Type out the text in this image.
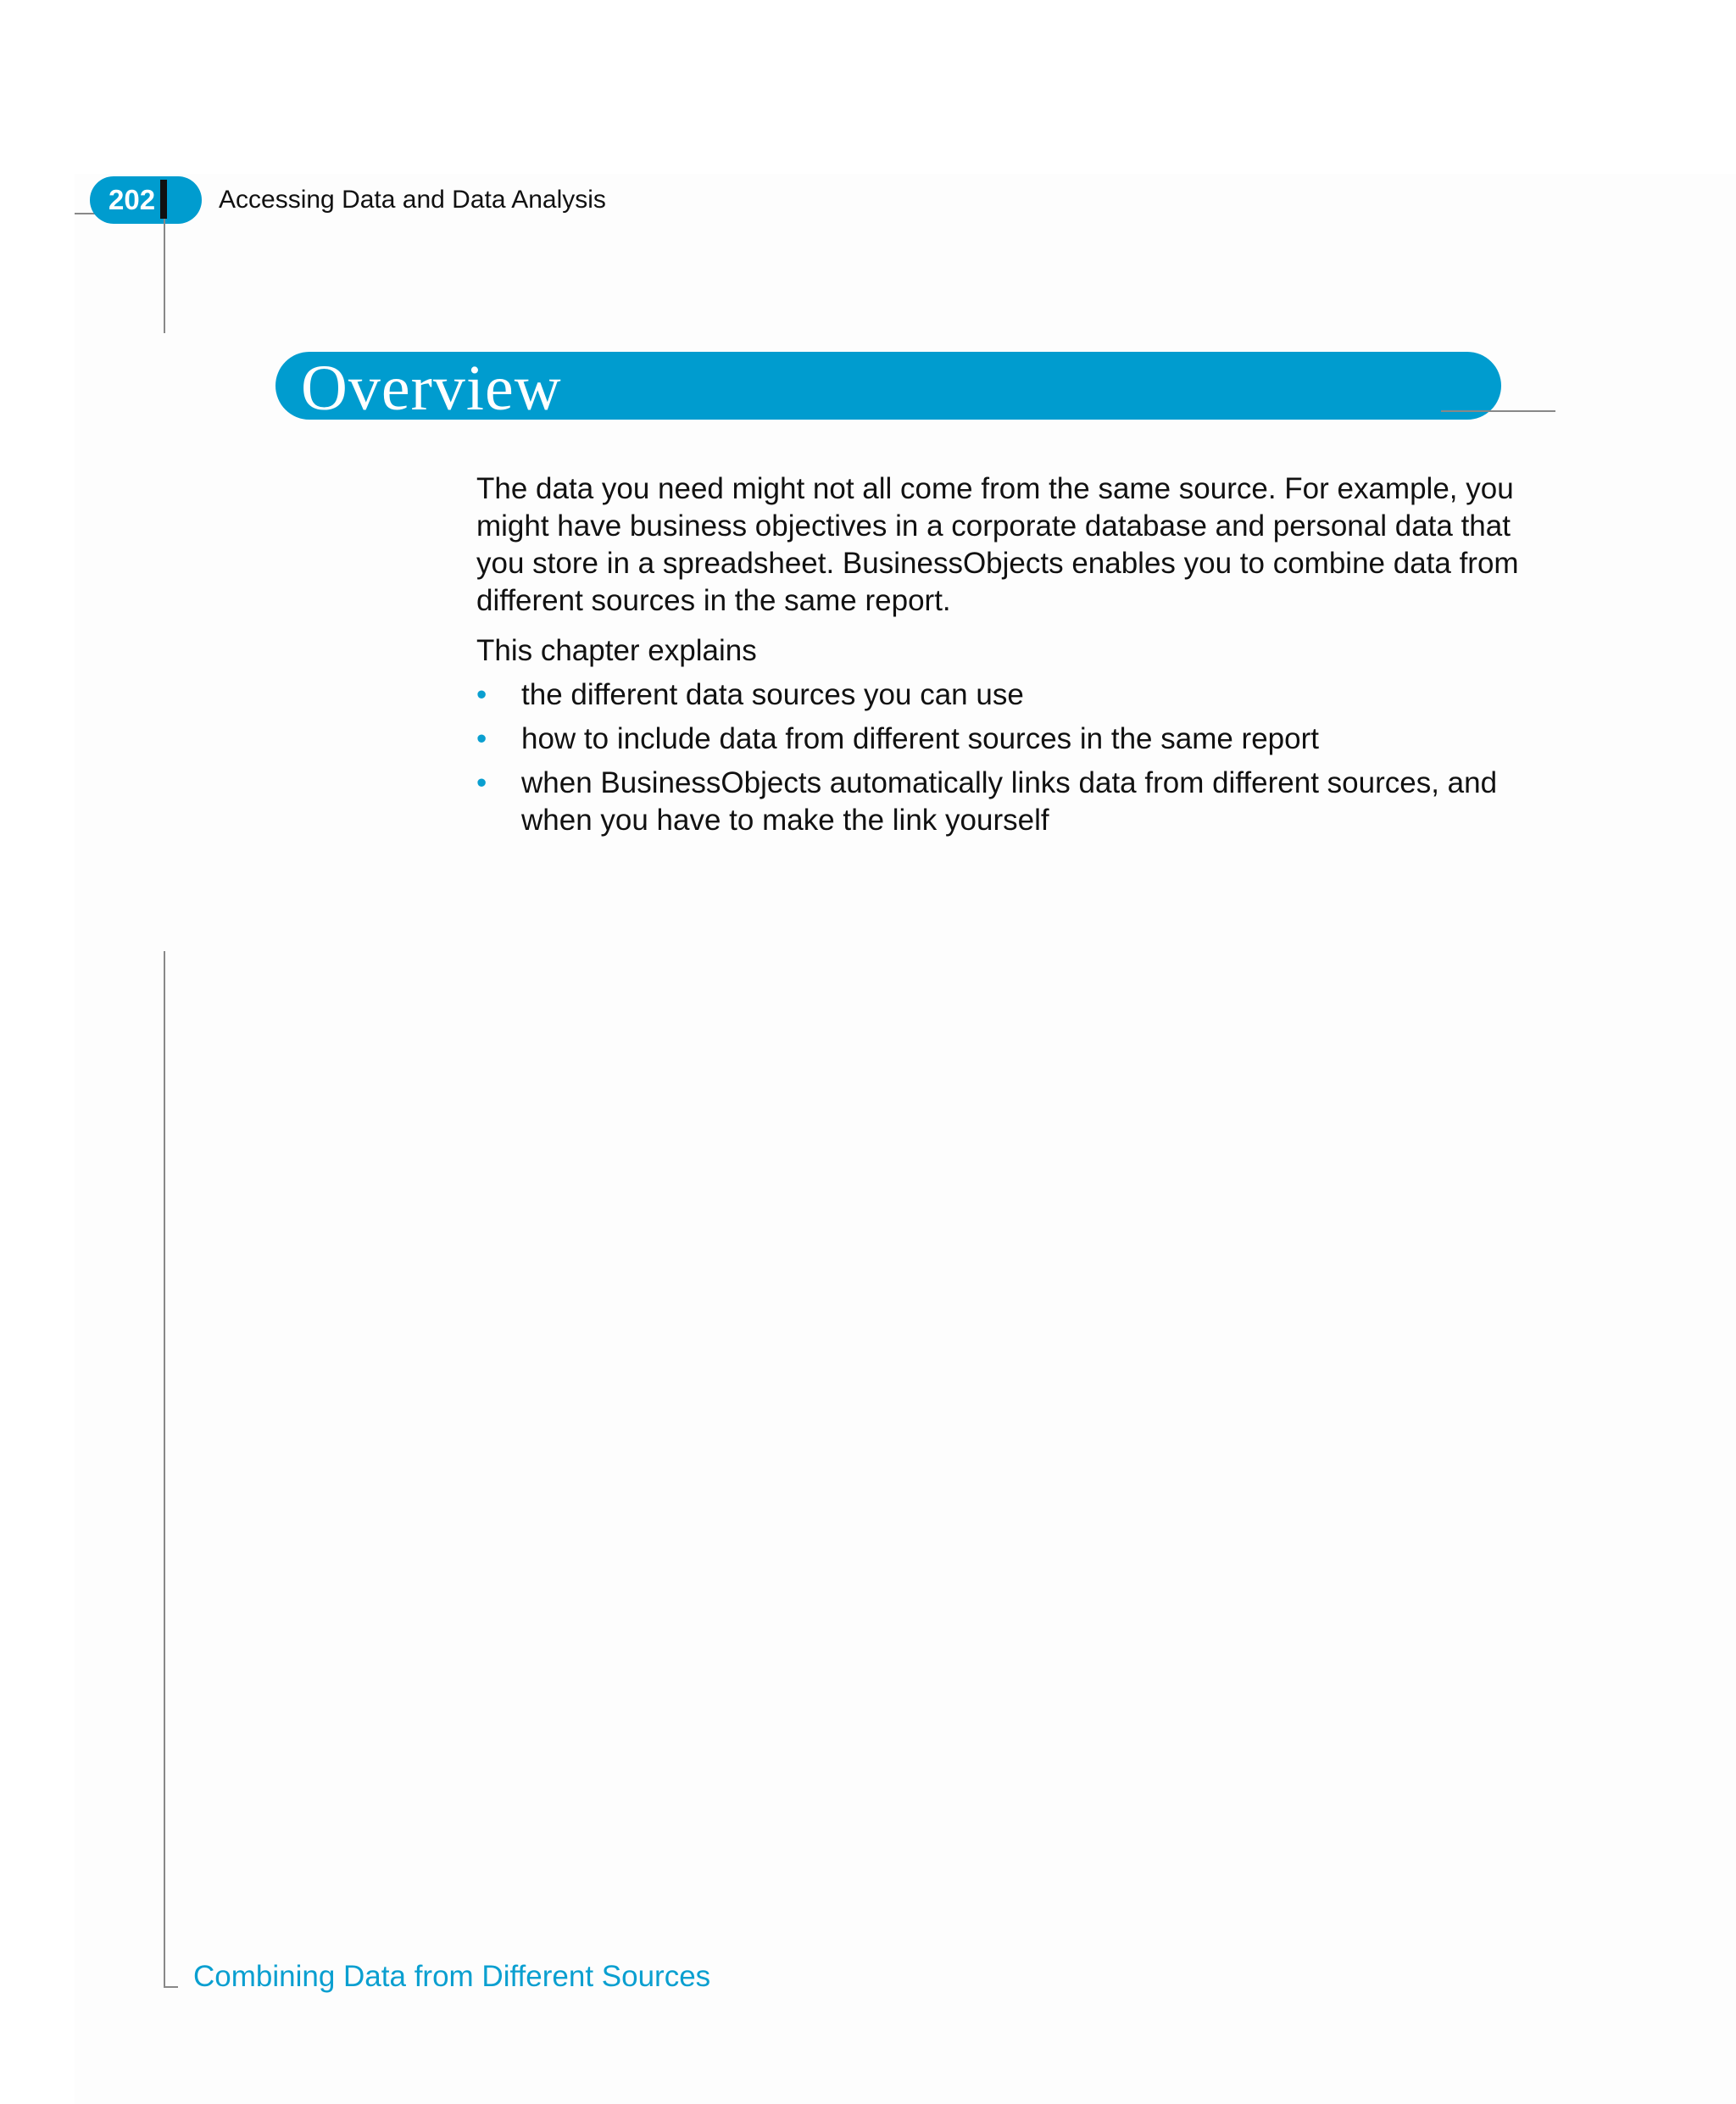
202 Accessing Data and Data Analysis
Overview
The data you need might not all come from the same source. For example, you might have business objectives in a corporate database and personal data that you store in a spreadsheet. BusinessObjects enables you to combine data from different sources in the same report.
This chapter explains
• the different data sources you can use
• how to include data from different sources in the same report
• when BusinessObjects automatically links data from different sources, and when you have to make the link yourself
Combining Data from Different Sources
